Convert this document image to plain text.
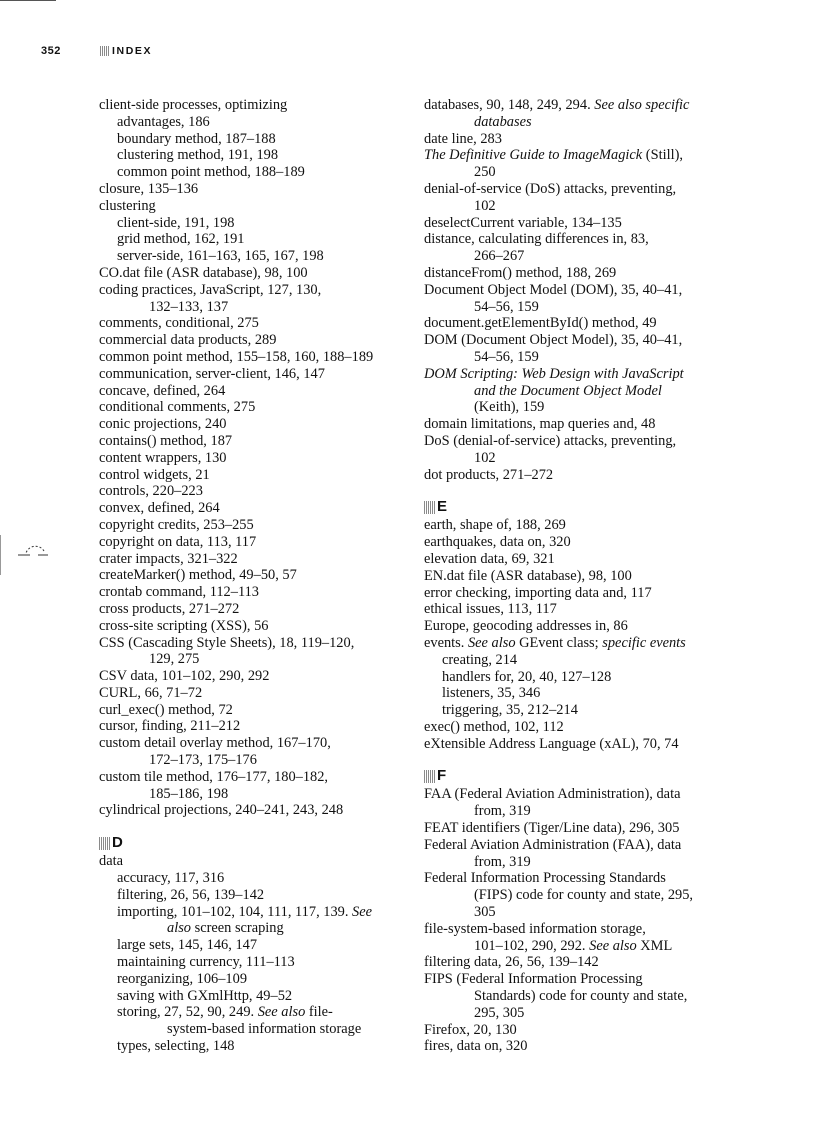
352	INDEX
client-side processes, optimizing
advantages, 186
boundary method, 187–188
clustering method, 191, 198
common point method, 188–189
closure, 135–136
clustering
client-side, 191, 198
grid method, 162, 191
server-side, 161–163, 165, 167, 198
CO.dat file (ASR database), 98, 100
coding practices, JavaScript, 127, 130,
132–133, 137
comments, conditional, 275
commercial data products, 289
common point method, 155–158, 160, 188–189
communication, server-client, 146, 147
concave, defined, 264
conditional comments, 275
conic projections, 240
contains() method, 187
content wrappers, 130
control widgets, 21
controls, 220–223
convex, defined, 264
copyright credits, 253–255
copyright on data, 113, 117
crater impacts, 321–322
createMarker() method, 49–50, 57
crontab command, 112–113
cross products, 271–272
cross-site scripting (XSS), 56
CSS (Cascading Style Sheets), 18, 119–120,
129, 275
CSV data, 101–102, 290, 292
CURL, 66, 71–72
curl_exec() method, 72
cursor, finding, 211–212
custom detail overlay method, 167–170,
172–173, 175–176
custom tile method, 176–177, 180–182,
185–186, 198
cylindrical projections, 240–241, 243, 248
D
data
accuracy, 117, 316
filtering, 26, 56, 139–142
importing, 101–102, 104, 111, 117, 139. See
also screen scraping
large sets, 145, 146, 147
maintaining currency, 111–113
reorganizing, 106–109
saving with GXmlHttp, 49–52
storing, 27, 52, 90, 249. See also file-
system-based information storage
types, selecting, 148
databases, 90, 148, 249, 294. See also specific
databases
date line, 283
The Definitive Guide to ImageMagick (Still),
250
denial-of-service (DoS) attacks, preventing,
102
deselectCurrent variable, 134–135
distance, calculating differences in, 83,
266–267
distanceFrom() method, 188, 269
Document Object Model (DOM), 35, 40–41,
54–56, 159
document.getElementById() method, 49
DOM (Document Object Model), 35, 40–41,
54–56, 159
DOM Scripting: Web Design with JavaScript
and the Document Object Model
(Keith), 159
domain limitations, map queries and, 48
DoS (denial-of-service) attacks, preventing,
102
dot products, 271–272
E
earth, shape of, 188, 269
earthquakes, data on, 320
elevation data, 69, 321
EN.dat file (ASR database), 98, 100
error checking, importing data and, 117
ethical issues, 113, 117
Europe, geocoding addresses in, 86
events. See also GEvent class; specific events
creating, 214
handlers for, 20, 40, 127–128
listeners, 35, 346
triggering, 35, 212–214
exec() method, 102, 112
eXtensible Address Language (xAL), 70, 74
F
FAA (Federal Aviation Administration), data
from, 319
FEAT identifiers (Tiger/Line data), 296, 305
Federal Aviation Administration (FAA), data
from, 319
Federal Information Processing Standards
(FIPS) code for county and state, 295,
305
file-system-based information storage,
101–102, 290, 292. See also XML
filtering data, 26, 56, 139–142
FIPS (Federal Information Processing
Standards) code for county and state,
295, 305
Firefox, 20, 130
fires, data on, 320
